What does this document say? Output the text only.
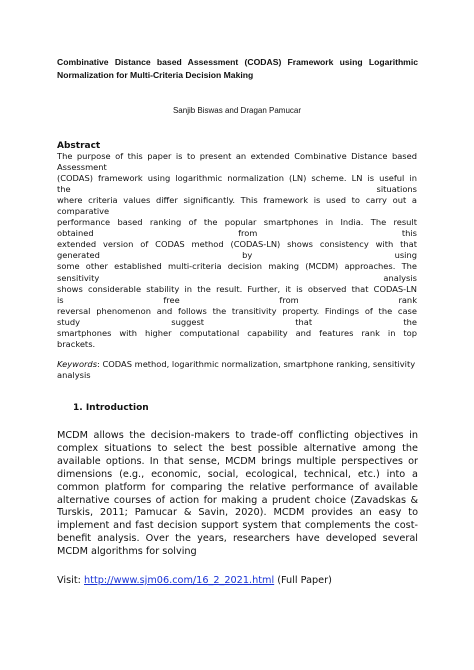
Combinative Distance based Assessment (CODAS) Framework using Logarithmic Normalization for Multi-Criteria Decision Making
Sanjib Biswas and Dragan Pamucar
Abstract
The purpose of this paper is to present an extended Combinative Distance based
Assessment
(CODAS) framework using logarithmic normalization (LN) scheme. LN is useful in
the situations
where criteria values differ significantly. This framework is used to carry out a
comparative
performance based ranking of the popular smartphones in India. The result
obtained from this
extended version of CODAS method (CODAS-LN) shows consistency with that
generated by using
some other established multi-criteria decision making (MCDM) approaches. The
sensitivity analysis
shows considerable stability in the result. Further, it is observed that CODAS-LN
is free from rank
reversal phenomenon and follows the transitivity property. Findings of the case
study suggest that the
smartphones with higher computational capability and features rank in top
brackets.
Keywords: CODAS method, logarithmic normalization, smartphone ranking, sensitivity analysis
1. Introduction
MCDM allows the decision-makers to trade-off conflicting objectives in complex situations to select the best possible alternative among the available options. In that sense, MCDM brings multiple perspectives or dimensions (e.g., economic, social, ecological, technical, etc.) into a common platform for comparing the relative performance of available alternative courses of action for making a prudent choice (Zavadskas & Turskis, 2011; Pamucar & Savin, 2020). MCDM provides an easy to implement and fast decision support system that complements the cost-benefit analysis. Over the years, researchers have developed several MCDM algorithms for solving
Visit: http://www.sjm06.com/16_2_2021.html (Full Paper)
